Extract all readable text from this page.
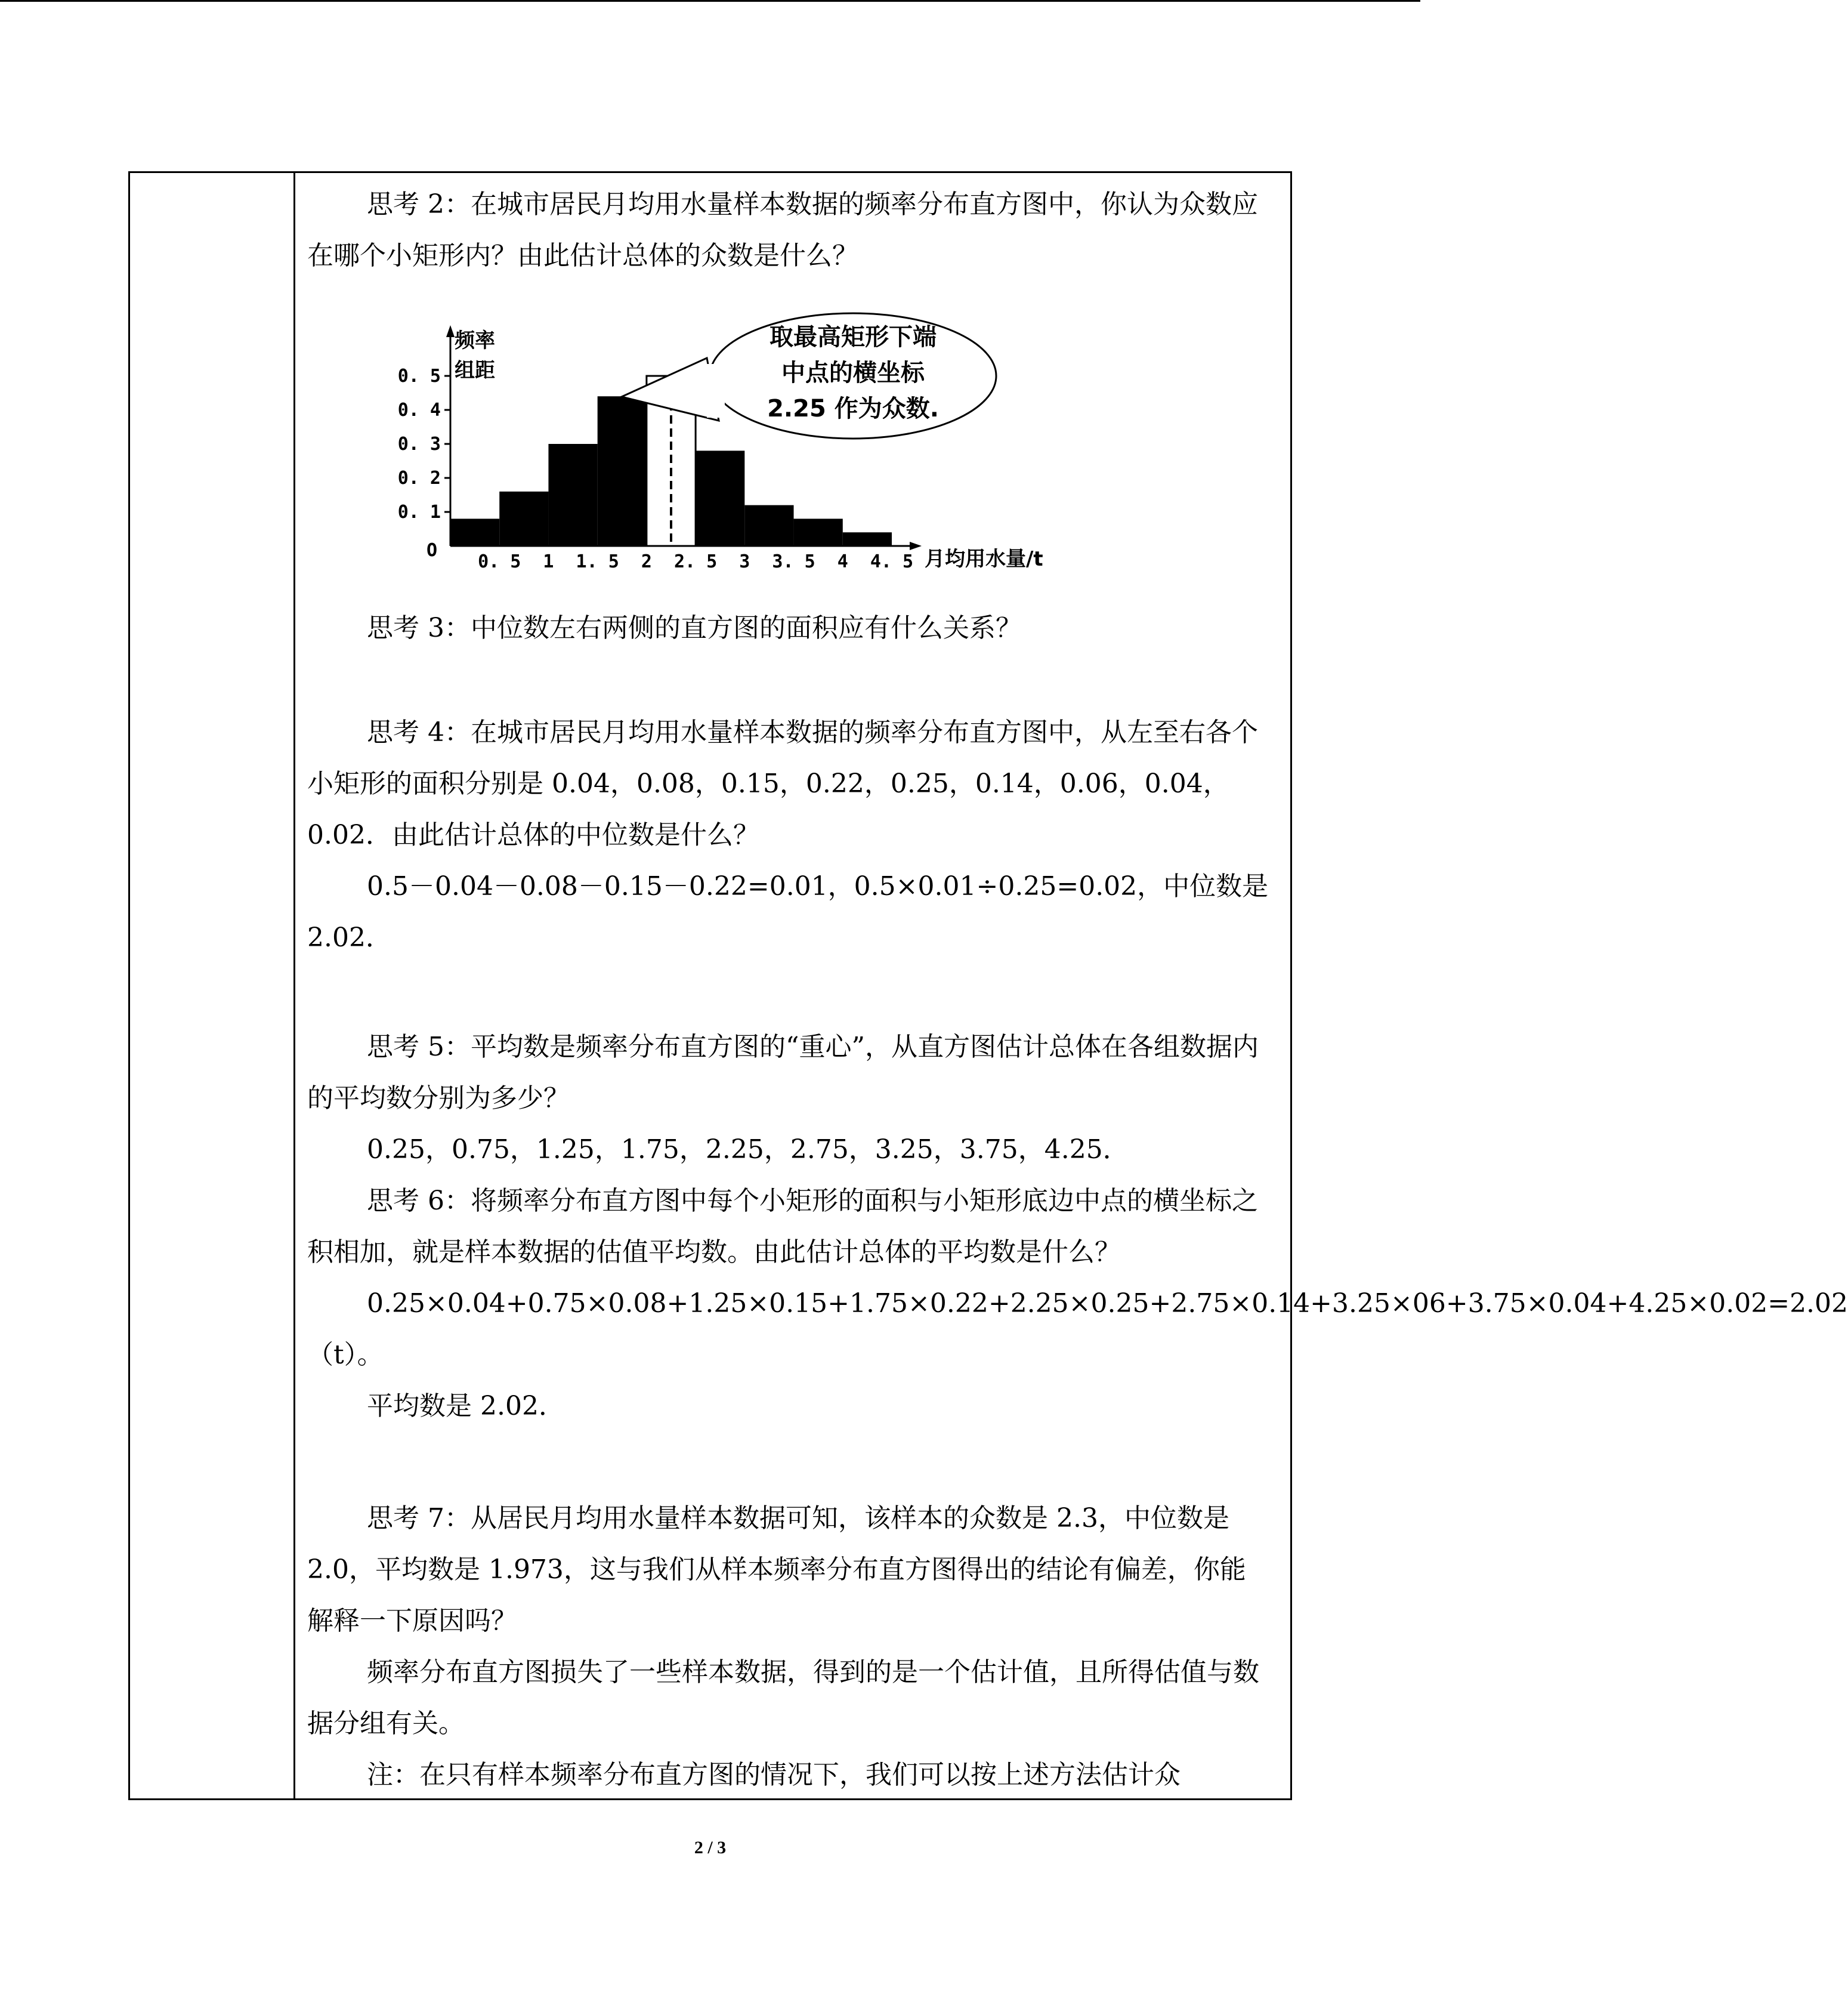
思考 2：在城市居民月均用水量样本数据的频率分布直方图中，你认为众数应在哪个小矩形内？由此估计总体的众数是什么？

0. 1
0. 2
0. 3
0. 4
0. 5
0. 5 1 1. 5 2 2. 5 3 3. 5 4 4. 5
频率
组距
月均用水量/t
O
取最高矩形下端
中点的横坐标
2.25 作为众数.

思考 3：中位数左右两侧的直方图的面积应有什么关系？

思考 4：在城市居民月均用水量样本数据的频率分布直方图中，从左至右各个小矩形的面积分别是 0.04，0.08，0.15，0.22，0.25，0.14，0.06，0.04，0.02．由此估计总体的中位数是什么？

0.5－0.04－0.08－0.15－0.22=0.01，0.5×0.01÷0.25=0.02，中位数是 2.02．

思考 5：平均数是频率分布直方图的“重心”，从直方图估计总体在各组数据内的平均数分别为多少？

0.25，0.75，1.25，1.75，2.25，2.75，3.25，3.75，4.25．

思考 6：将频率分布直方图中每个小矩形的面积与小矩形底边中点的横坐标之积相加，就是样本数据的估值平均数。由此估计总体的平均数是什么？

0.25×0.04+0.75×0.08+1.25×0.15+1.75×0.22+2.25×0.25+2.75×0.14+3.25×06+3.75×0.04+4.25×0.02=2.02（t）。

平均数是 2.02．

思考 7：从居民月均用水量样本数据可知，该样本的众数是 2.3，中位数是 2.0，平均数是 1.973，这与我们从样本频率分布直方图得出的结论有偏差，你能解释一下原因吗？

频率分布直方图损失了一些样本数据，得到的是一个估计值，且所得估值与数据分组有关。

注：在只有样本频率分布直方图的情况下，我们可以按上述方法估计众

2 / 3
